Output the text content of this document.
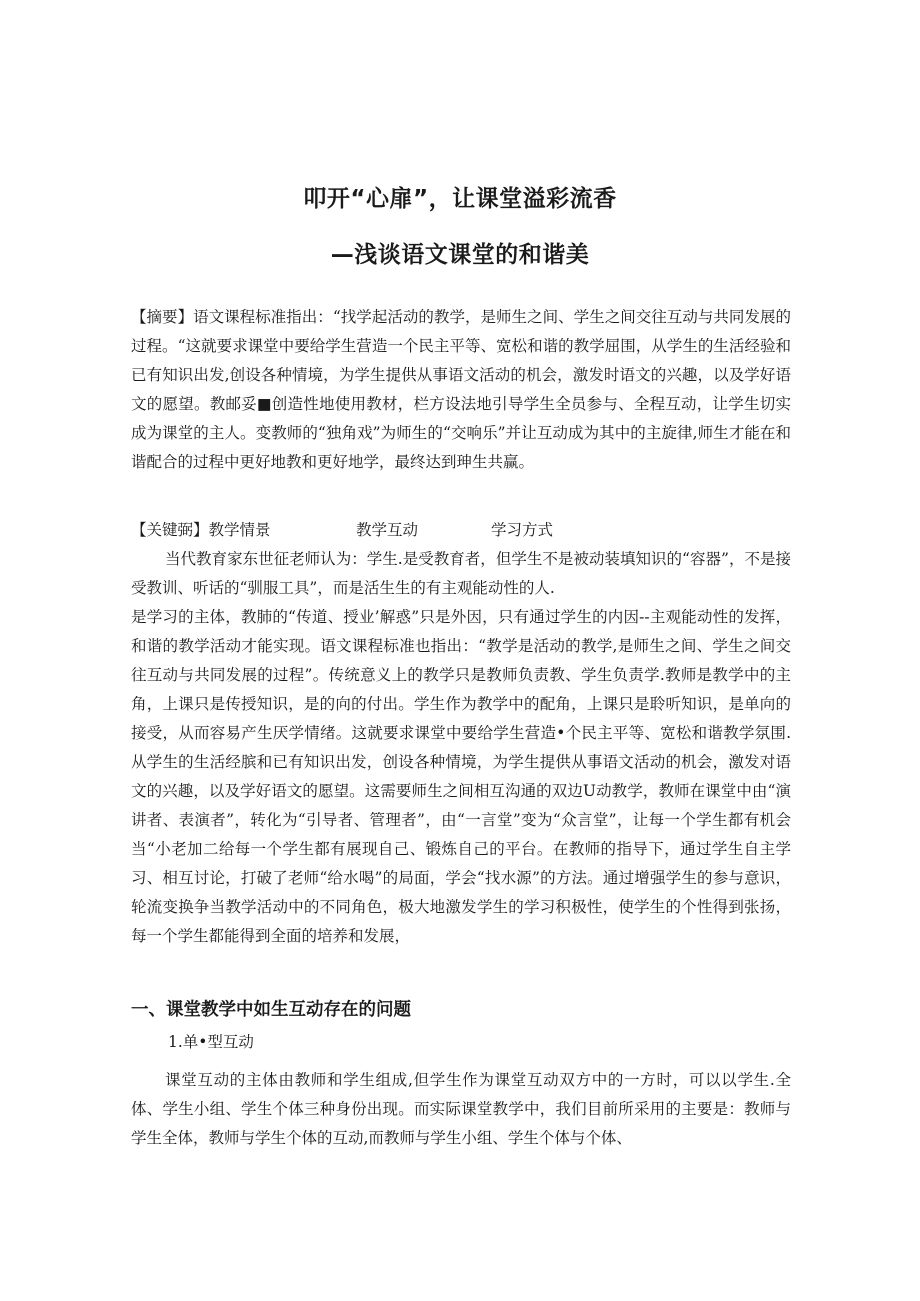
叩开“心扉”，让课堂溢彩流香
—浅谈语文课堂的和谐美

【摘要】语文课程标准指出：“找学起活动的教学，是师生之间、学生之间交往互动与共同发展的过程。“这就要求课堂中要给学生营造一个民主平等、宽松和谐的教学屈围，从学生的生活经验和已有知识出发,创设各种情境，为学生提供从事语文活动的机会，激发时语文的兴趣，以及学好语文的愿望。教邮妥■创造性地使用教材，栏方设法地引导学生全员参与、全程互动，让学生切实成为课堂的主人。变教师的“独角戏”为师生的“交响乐”并让互动成为其中的主旋律,师生才能在和谐配合的过程中更好地教和更好地学，最终达到珅生共赢。

【关键弼】教学情景	教学互动	学习方式

当代教育家东世征老师认为：学生.是受教育者，但学生不是被动装填知识的“容器”，不是接受教训、听话的“驯服工具”，而是活生生的有主观能动性的人.
是学习的主体，教肺的“传道、授业’解惑”只是外因，只有通过学生的内因--主观能动性的发挥，和谐的教学活动才能实现。语文课程标准也指出：“教学是活动的教学,是师生之间、学生之间交往互动与共同发展的过程”。传统意义上的教学只是教师负责教、学生负责学.教师是教学中的主角，上课只是传授知识，是的向的付出。学生作为教学中的配角，上课只是聆听知识，是单向的接受，从而容易产生厌学情绪。这就要求课堂中要给学生营造•个民主平等、宽松和谐教学氛围.从学生的生活经膑和已有知识出发，创设各种情境，为学生提供从事语文活动的机会，激发对语文的兴趣，以及学好语文的愿望。这需要师生之间相互沟通的双边U动教学，教师在课堂中由“演讲者、表演者”，转化为“引导者、管理者”，由“一言堂”变为“众言堂”，让每一个学生都有机会当“小老加二给每一个学生都有展现自己、锻炼自己的平台。在教师的指导下，通过学生自主学习、相互讨论，打破了老师“给水喝”的局面，学会“找水源”的方法。通过增强学生的参与意识，轮流变换争当教学活动中的不同角色，极大地激发学生的学习积极性，使学生的个性得到张扬，每一个学生都能得到全面的培养和发展，

一、课堂教学中如生互动存在的问题

1.单•型互动

课堂互动的主体由教师和学生组成,但学生作为课堂互动双方中的一方时，可以以学生.全体、学生小组、学生个体三种身份出现。而实际课堂教学中，我们目前所采用的主要是：教师与学生全体，教师与学生个体的互动,而教师与学生小组、学生个体与个体、
